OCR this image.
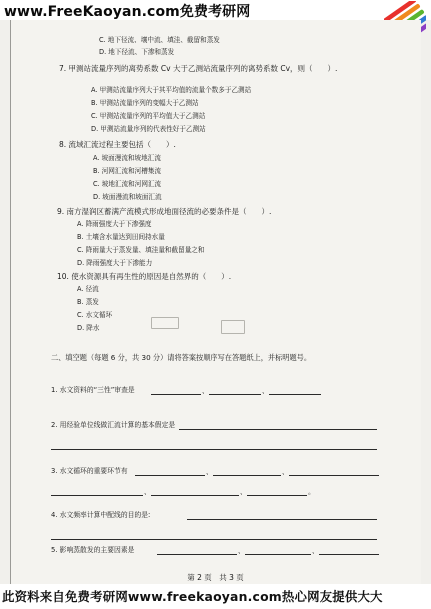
www.FreeKaoyan.com免费考研网
C. 地下径流、壤中流、填洼、截留和蒸发
D. 地下径流、下渗和蒸发
7. 甲测站流量序列的离势系数 Cv 大于乙测站流量序列的离势系数 Cv，则（　　）.
A. 甲测站流量序列大于其平均值的流量个数多于乙测站
B. 甲测站流量序列的变幅大于乙测站
C. 甲测站流量序列的平均值大于乙测站
D. 甲测站流量序列的代表性好于乙测站
8. 流域汇流过程主要包括（　　）.
A. 坡面漫流和坡地汇流
B. 河网汇流和河槽集流
C. 坡地汇流和河网汇流
D. 坡面漫流和坡面汇流
9. 南方湿润区蓄满产流模式形成地面径流的必要条件是（　　）.
A. 降雨强度大于下渗强度
B. 土壤含水量达到田间持水量
C. 降雨量大于蒸发量、填洼量和截留量之和
D. 降雨强度大于下渗能力
10. 使水资源具有再生性的原因是自然界的（　　）.
A. 径流
B. 蒸发
C. 水文循环
D. 降水
二、填空题（每题 6 分，共 30 分）请将答案按顺序写在答题纸上，并标明题号。
1. 水文资料的“三性”审查是	、	、
2. 用经验单位线做汇流计算的基本假定是
3. 水文循环的重要环节有	、	、
、	、	。
4. 水文频率计算中配线的目的是:
5. 影响蒸散发的主要因素是	、	、
第 2 页　共 3 页
此资料来自免费考研网www.freekaoyan.com热心网友提供大大
